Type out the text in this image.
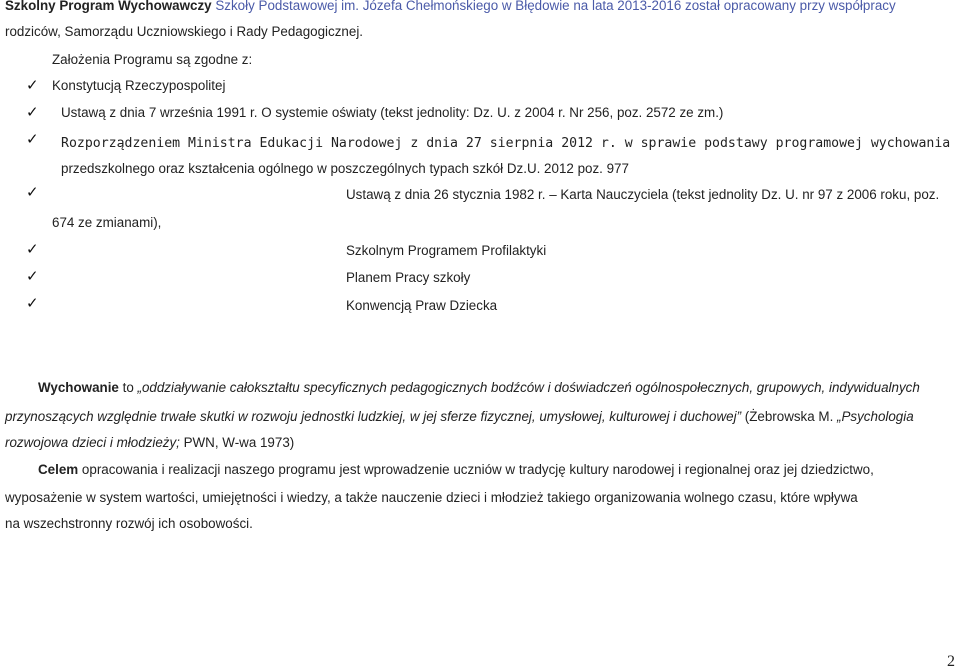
Szkolny Program Wychowawczy Szkoły Podstawowej im. Józefa Chełmońskiego w Błędowie na lata 2013-2016 został opracowany przy współpracy
rodziców, Samorządu Uczniowskiego i Rady Pedagogicznej.
Założenia Programu są zgodne z:
✓ Konstytucją Rzeczypospolitej
✓ Ustawą z dnia 7 września 1991 r. O systemie oświaty (tekst jednolity: Dz. U. z 2004 r. Nr 256, poz. 2572 ze zm.)
✓ Rozporządzeniem Ministra Edukacji Narodowej z dnia 27 sierpnia 2012 r. w sprawie podstawy programowej wychowania
przedszkolnego oraz kształcenia ogólnego w poszczególnych typach szkół Dz.U. 2012 poz. 977
✓	Ustawą z dnia 26 stycznia 1982 r. – Karta Nauczyciela (tekst jednolity Dz. U. nr 97 z 2006 roku, poz.
674 ze zmianami),
✓	Szkolnym Programem Profilaktyki
✓	Planem Pracy szkoły
✓	Konwencją Praw Dziecka
Wychowanie to „oddziaływanie całokształtu specyficznych pedagogicznych bodźców i doświadczeń ogólnospołecznych, grupowych, indywidualnych
przynoszących względnie trwałe skutki w rozwoju jednostki ludzkiej, w jej sferze fizycznej, umysłowej, kulturowej i duchowej” (Żebrowska M. „Psychologia
rozwojowa dzieci i młodzieży; PWN, W-wa 1973)
Celem opracowania i realizacji naszego programu jest wprowadzenie uczniów w tradycję kultury narodowej i regionalnej oraz jej dziedzictwo,
wyposażenie w system wartości, umiejętności i wiedzy, a także nauczenie dzieci i młodzież takiego organizowania wolnego czasu, które wpływa
na wszechstronny rozwój ich osobowości.
2
